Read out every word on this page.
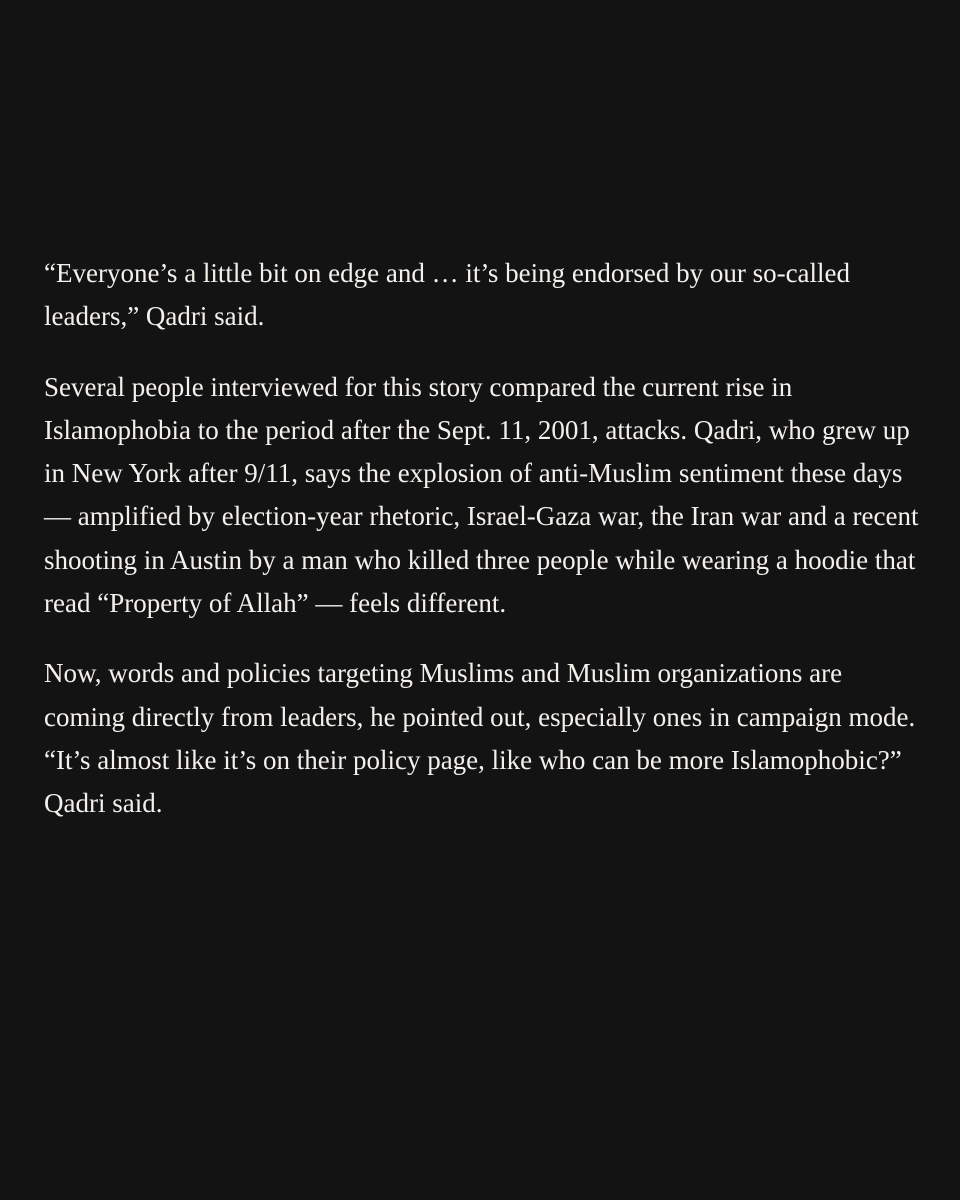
“Everyone’s a little bit on edge and … it’s being endorsed by our so-called leaders,” Qadri said.

Several people interviewed for this story compared the current rise in Islamophobia to the period after the Sept. 11, 2001, attacks. Qadri, who grew up in New York after 9/11, says the explosion of anti-Muslim sentiment these days — amplified by election-year rhetoric, Israel-Gaza war, the Iran war and a recent shooting in Austin by a man who killed three people while wearing a hoodie that read “Property of Allah” — feels different.

Now, words and policies targeting Muslims and Muslim organizations are coming directly from leaders, he pointed out, especially ones in campaign mode. “It’s almost like it’s on their policy page, like who can be more Islamophobic?” Qadri said.
